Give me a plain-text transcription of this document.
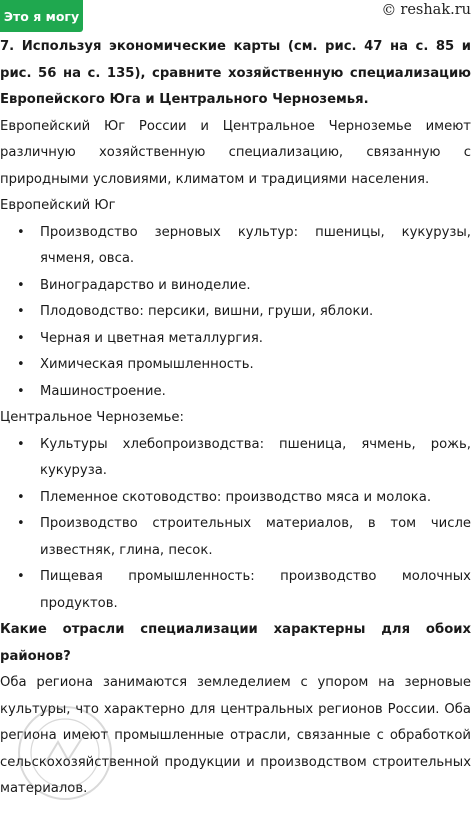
Это я могу	© reshak.ru

7. Используя экономические карты (см. рис. 47 на с. 85 и рис. 56 на с. 135), сравните хозяйственную специализацию Европейского Юга и Центрального Черноземья.

Европейский Юг России и Центральное Черноземье имеют различную хозяйственную специализацию, связанную с природными условиями, климатом и традициями населения.

Европейский Юг

• Производство зерновых культур: пшеницы, кукурузы, ячменя, овса.
• Виноградарство и виноделие.
• Плодоводство: персики, вишни, груши, яблоки.
• Черная и цветная металлургия.
• Химическая промышленность.
• Машиностроение.

Центральное Черноземье:

• Культуры хлебопроизводства: пшеница, ячмень, рожь, кукуруза.
• Племенное скотоводство: производство мяса и молока.
• Производство строительных материалов, в том числе известняк, глина, песок.
• Пищевая промышленность: производство молочных продуктов.

Какие отрасли специализации характерны для обоих районов?

Оба региона занимаются земледелием с упором на зерновые культуры, что характерно для центральных регионов России. Оба региона имеют промышленные отрасли, связанные с обработкой сельскохозяйственной продукции и производством строительных материалов.
